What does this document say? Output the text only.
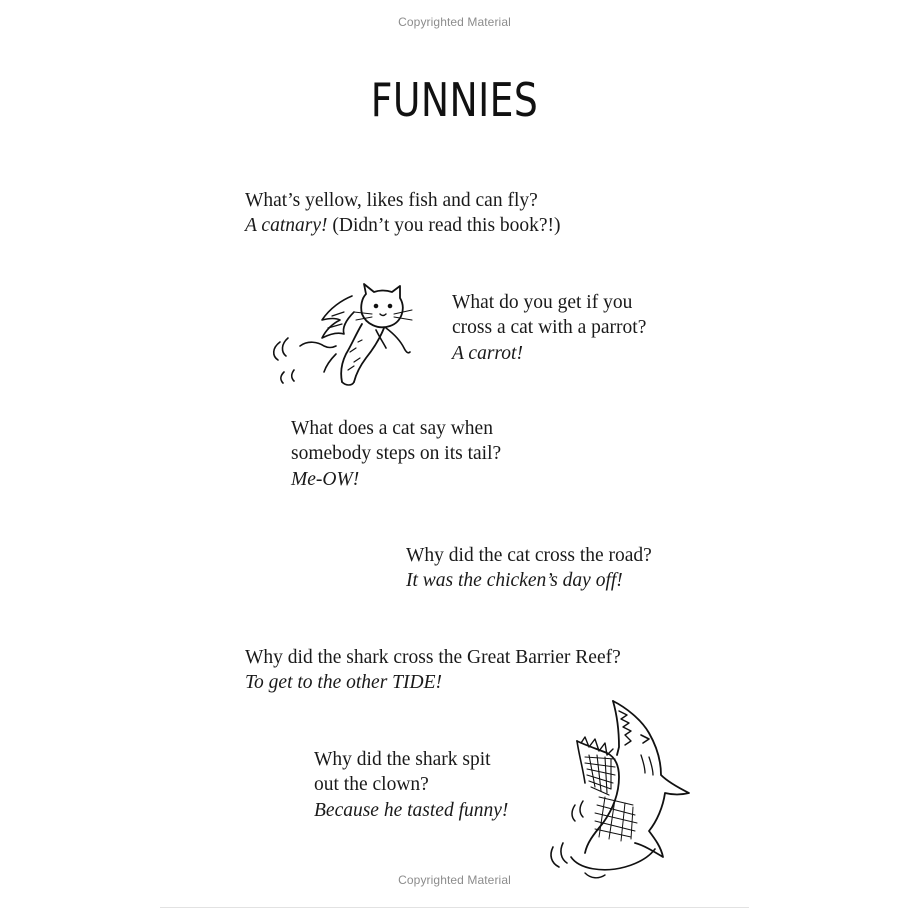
Copyrighted Material
FUNNIES
What’s yellow, likes fish and can fly?
A catnary! (Didn’t you read this book?!)
What do you get if you
cross a cat with a parrot?
A carrot!
What does a cat say when
somebody steps on its tail?
Me-OW!
Why did the cat cross the road?
It was the chicken’s day off!
Why did the shark cross the Great Barrier Reef?
To get to the other TIDE!
Why did the shark spit
out the clown?
Because he tasted funny!
Copyrighted Material
